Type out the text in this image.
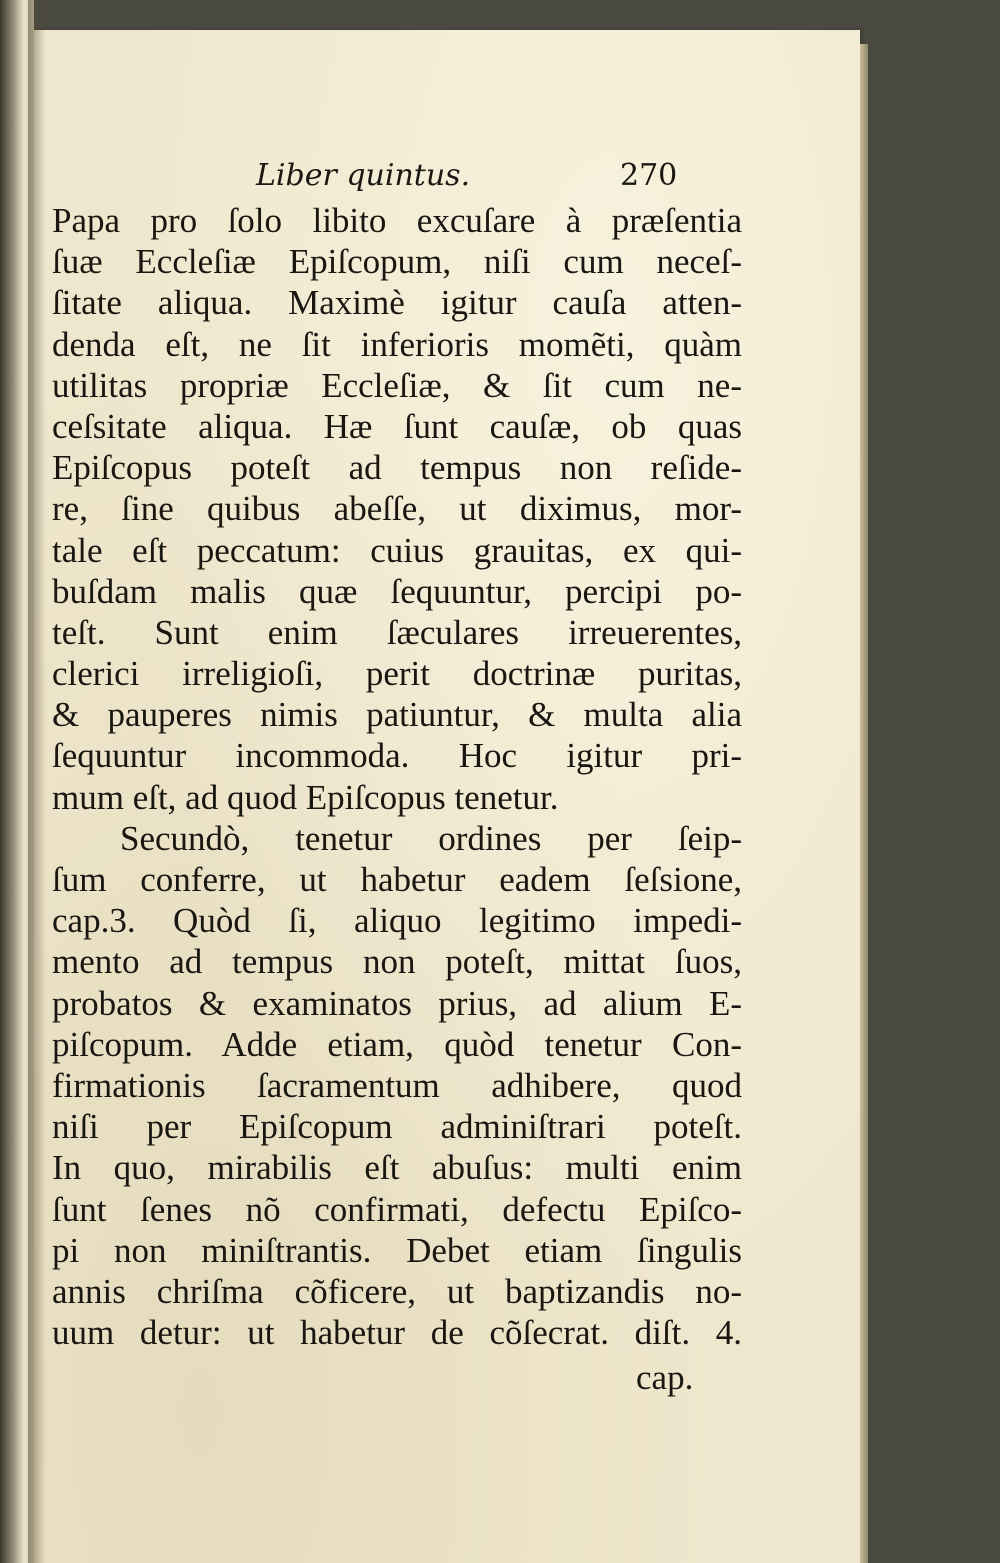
Liber quintus.	270
Papa pro ſolo libito excuſare à præſentia
ſuæ Eccleſiæ Epiſcopum, niſi cum neceſ-
ſitate aliqua. Maximè igitur cauſa atten-
denda eſt, ne ſit inferioris momẽti, quàm
utilitas propriæ Eccleſiæ, & ſit cum ne-
ceſsitate aliqua. Hæ ſunt cauſæ, ob quas
Epiſcopus poteſt ad tempus non reſide-
re, ſine quibus abeſſe, ut diximus, mor-
tale eſt peccatum: cuius grauitas, ex qui-
buſdam malis quæ ſequuntur, percipi po-
teſt. Sunt enim ſæculares irreuerentes,
clerici irreligioſi, perit doctrinæ puritas,
& pauperes nimis patiuntur, & multa alia
ſequuntur incommoda. Hoc igitur pri-
mum eſt, ad quod Epiſcopus tenetur.
Secundò, tenetur ordines per ſeip-
ſum conferre, ut habetur eadem ſeſsione,
cap.3. Quòd ſi, aliquo legitimo impedi-
mento ad tempus non poteſt, mittat ſuos,
probatos & examinatos prius, ad alium E-
piſcopum. Adde etiam, quòd tenetur Con-
firmationis ſacramentum adhibere, quod
niſi per Epiſcopum adminiſtrari poteſt.
In quo, mirabilis eſt abuſus: multi enim
ſunt ſenes nõ confirmati, defectu Epiſco-
pi non miniſtrantis. Debet etiam ſingulis
annis chriſma cõficere, ut baptizandis no-
uum detur: ut habetur de cõſecrat. diſt. 4.
cap.
